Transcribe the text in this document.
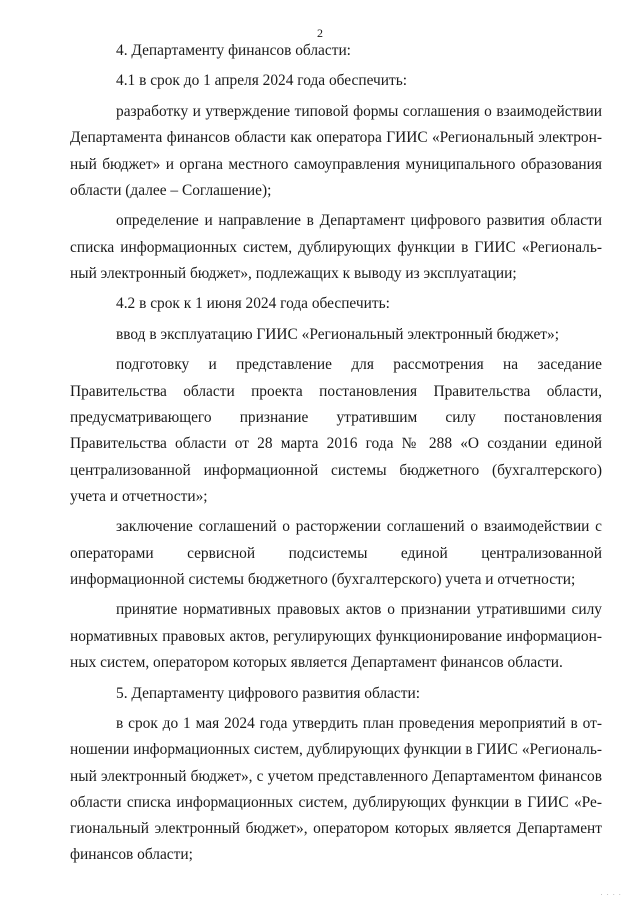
2

4. Департаменту финансов области:

4.1 в срок до 1 апреля 2024 года обеспечить:

разработку и утверждение типовой формы соглашения о взаимодействии Департамента финансов области как оператора ГИИС «Региональный электронный бюджет» и органа местного самоуправления муниципального образования области (далее – Соглашение);

определение и направление в Департамент цифрового развития области списка информационных систем, дублирующих функции в ГИИС «Региональный электронный бюджет», подлежащих к выводу из эксплуатации;

4.2 в срок к 1 июня 2024 года обеспечить:

ввод в эксплуатацию ГИИС «Региональный электронный бюджет»;

подготовку и представление для рассмотрения на заседание Правительства области проекта постановления Правительства области, предусматривающего признание утратившим силу постановления Правительства области от 28 марта 2016 года № 288 «О создании единой централизованной информационной системы бюджетного (бухгалтерского) учета и отчетности»;

заключение соглашений о расторжении соглашений о взаимодействии с операторами сервисной подсистемы единой централизованной информационной системы бюджетного (бухгалтерского) учета и отчетности;

принятие нормативных правовых актов о признании утратившими силу нормативных правовых актов, регулирующих функционирование информационных систем, оператором которых является Департамент финансов области.

5. Департаменту цифрового развития области:

в срок до 1 мая 2024 года утвердить план проведения мероприятий в отношении информационных систем, дублирующих функции в ГИИС «Региональный электронный бюджет», с учетом представленного Департаментом финансов области списка информационных систем, дублирующих функции в ГИИС «Региональный электронный бюджет», оператором которых является Департамент финансов области;

· · · ·
